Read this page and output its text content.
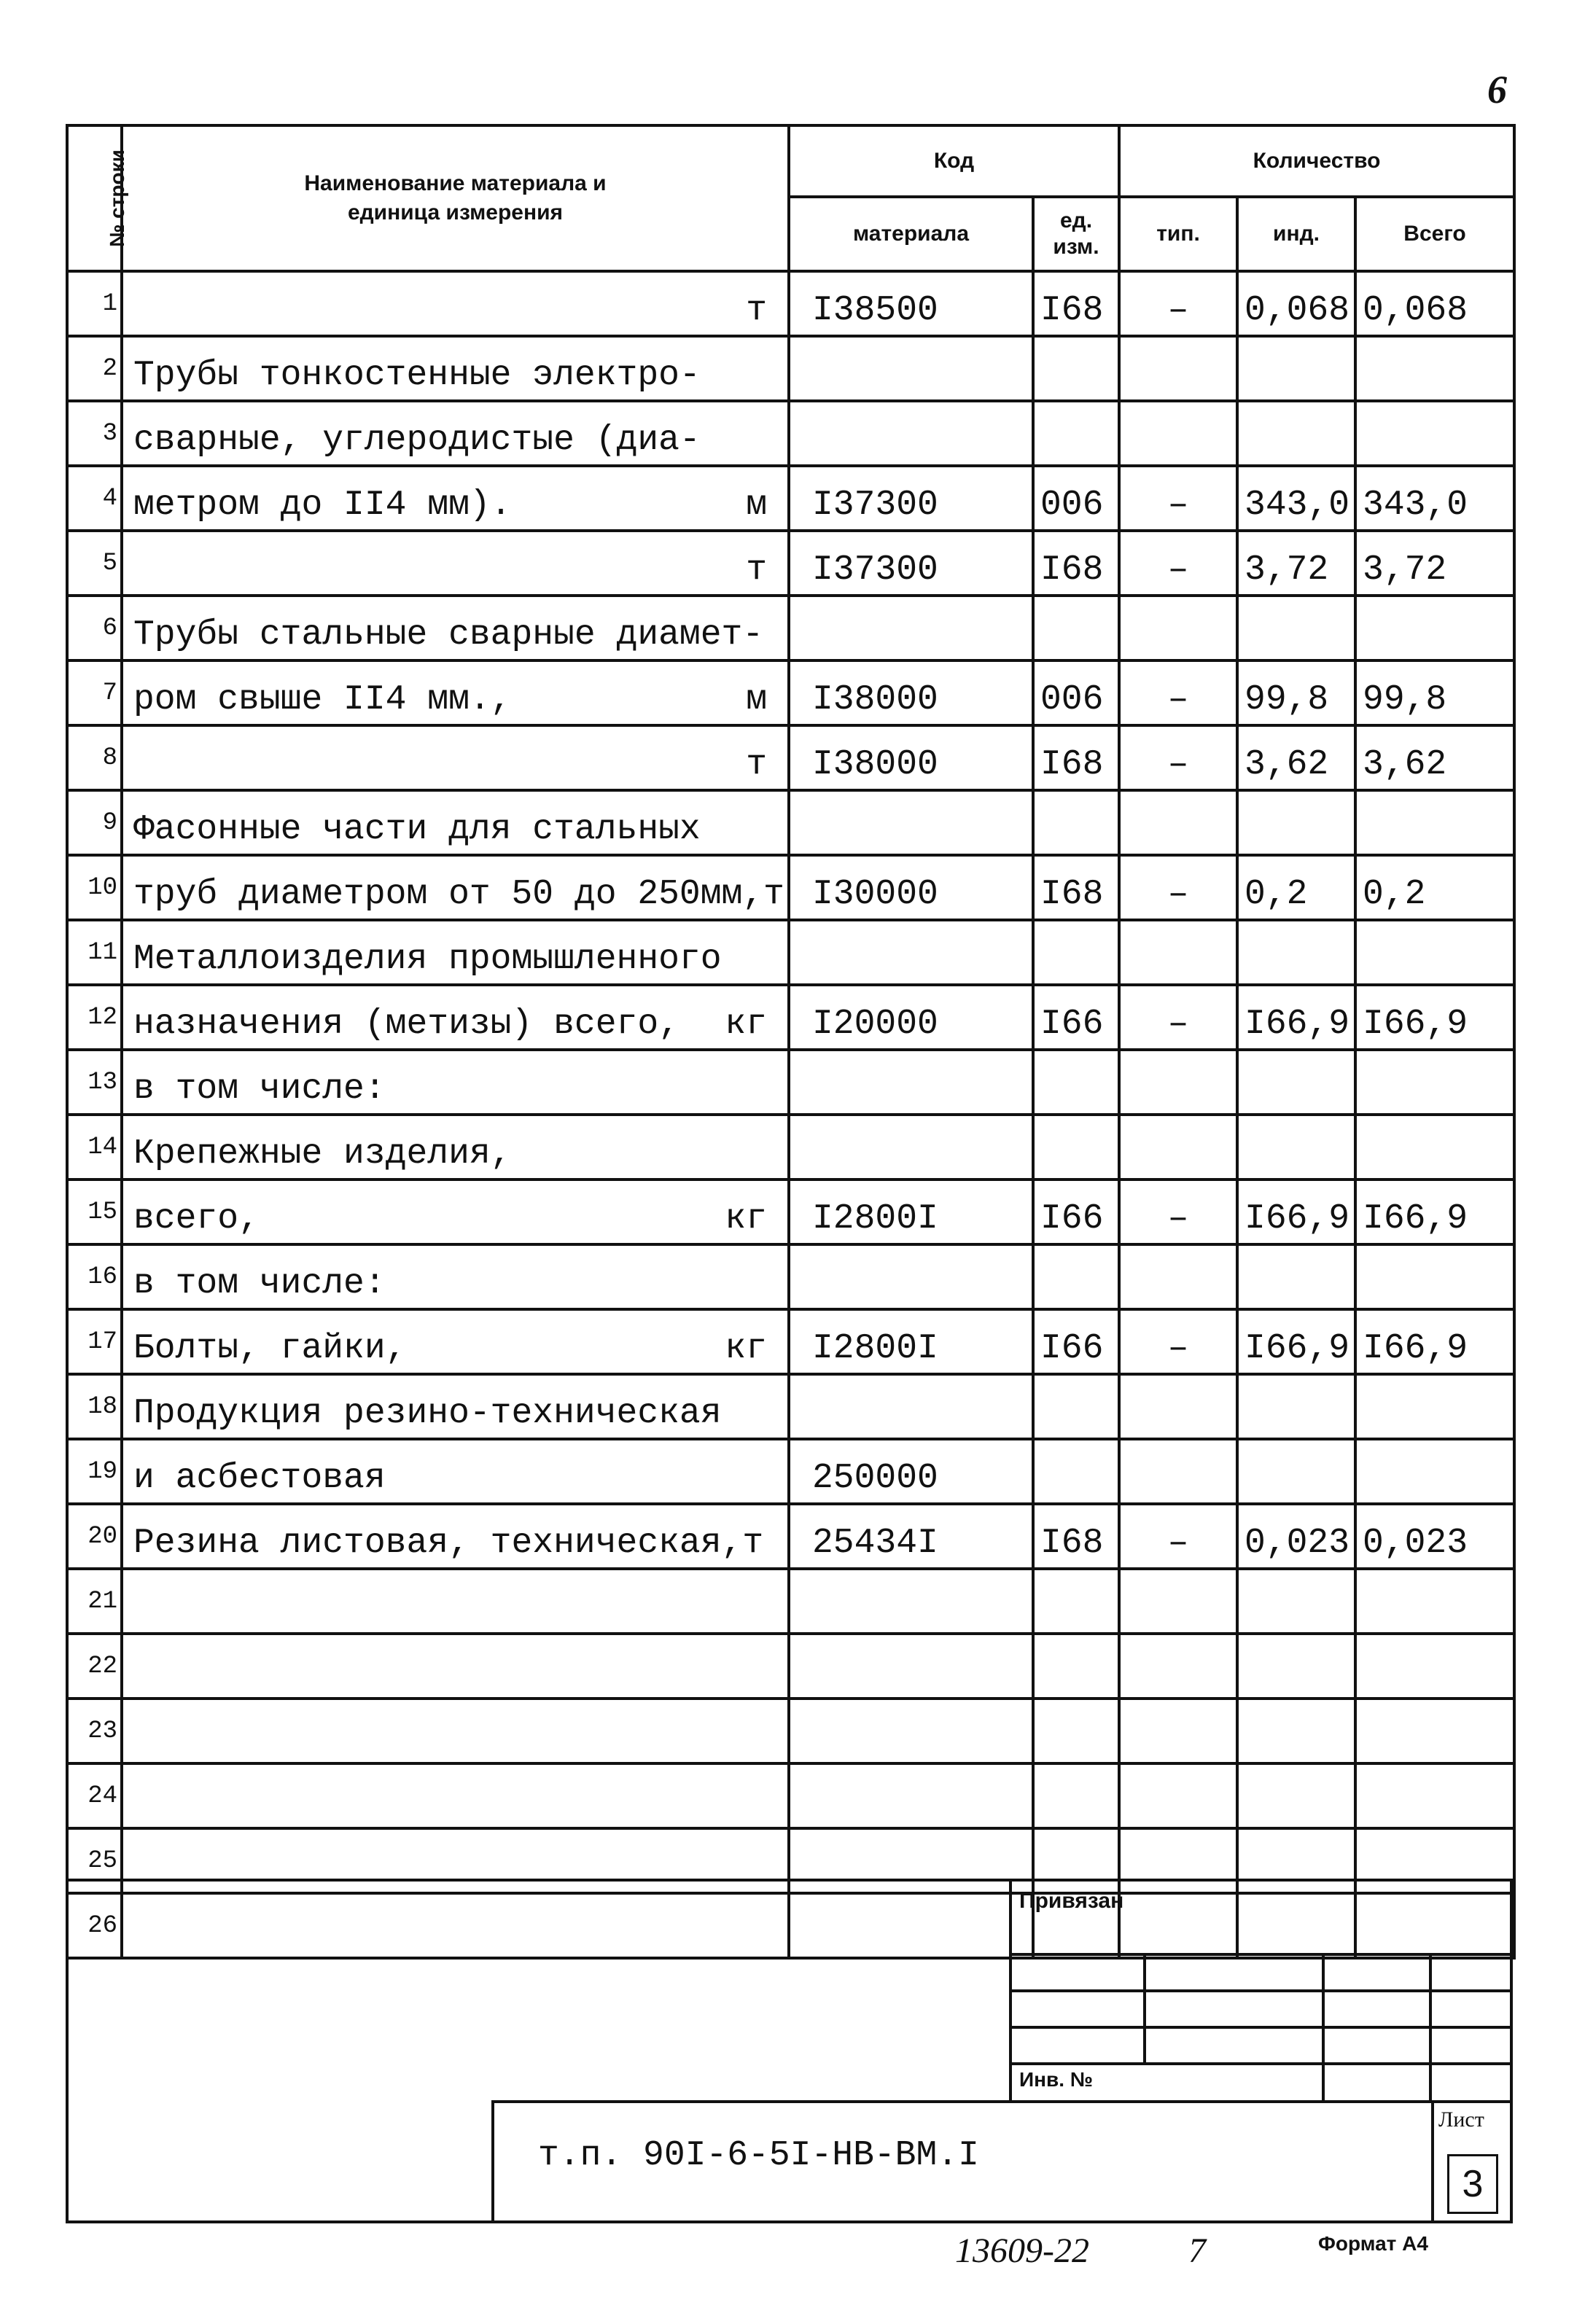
6
№ строки	Наименование материала и единица измерения	Код		Количество		
		материала	ед. изм.	тип.	инд.	Всего
1	т	I38500	I68	–	0,068	0,068
2	Трубы тонкостенные электро-					

3	сварные, углеродистые (диа-					

4	метром до II4 мм). м	I37300	006	–	343,0	343,0
5	т	I37300	I68	–	3,72	3,72
6	Трубы стальные сварные диамет-					

7	ром свыше II4 мм., м	I38000	006	–	99,8	99,8
8	т	I38000	I68	–	3,62	3,62
9	Фасонные части для стальных					

10	труб диаметром от 50 до 250мм,т	I30000	I68	–	0,2	0,2
11	Металлоизделия промышленного					

12	назначения (метизы) всего, кг	I20000	I66	–	I66,9	I66,9
13	в том числе:					

14	Крепежные изделия,					

15	всего, кг	I2800I	I66	–	I66,9	I66,9
16	в том числе:					

17	Болты, гайки, кг	I2800I	I66	–	I66,9	I66,9
18	Продукция резино-техническая					

19	и асбестовая	250000				
20	Резина листовая, техническая,т	25434I	I68	–	0,023	0,023
21	

22	

23	

24	

25	

26	

Привязан
Инв. №
т.п. 90I-6-5I-НВ-ВМ.I
Лист
3
13609-22	7	Формат А4
